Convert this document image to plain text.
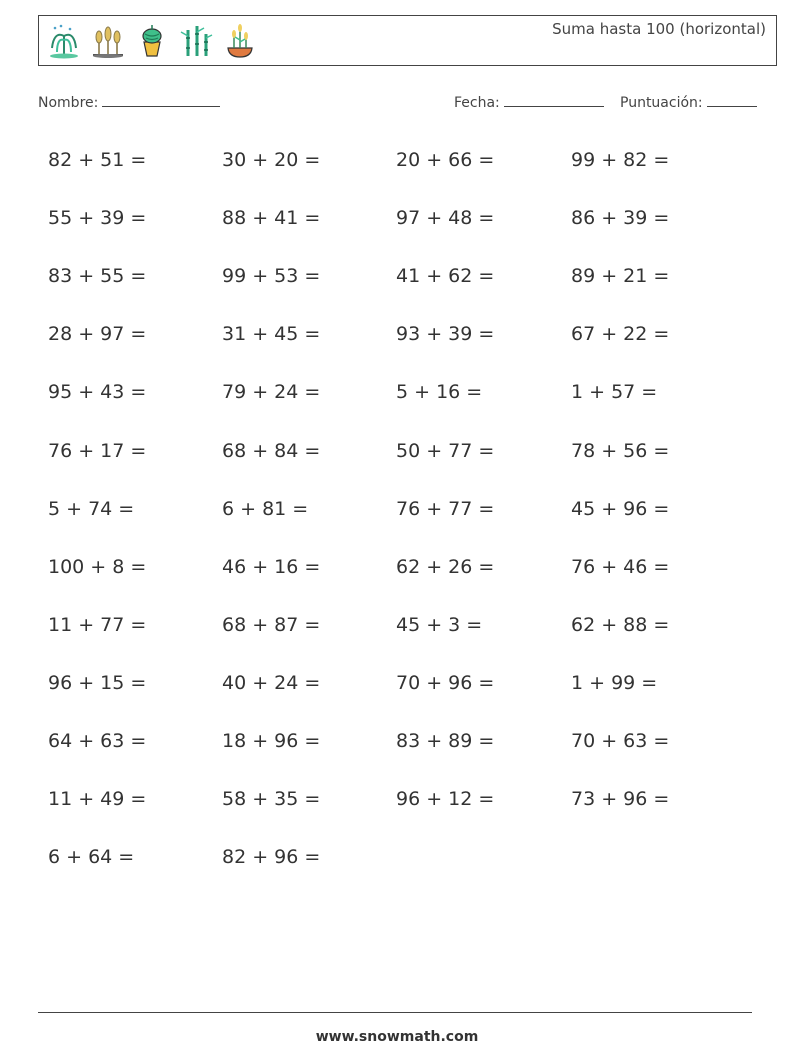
Suma hasta 100 (horizontal)
Nombre:	Fecha:	Puntuación:
82 + 51 =	30 + 20 =	20 + 66 =	99 + 82 =
55 + 39 =	88 + 41 =	97 + 48 =	86 + 39 =
83 + 55 =	99 + 53 =	41 + 62 =	89 + 21 =
28 + 97 =	31 + 45 =	93 + 39 =	67 + 22 =
95 + 43 =	79 + 24 =	5 + 16 =	1 + 57 =
76 + 17 =	68 + 84 =	50 + 77 =	78 + 56 =
5 + 74 =	6 + 81 =	76 + 77 =	45 + 96 =
100 + 8 =	46 + 16 =	62 + 26 =	76 + 46 =
11 + 77 =	68 + 87 =	45 + 3 =	62 + 88 =
96 + 15 =	40 + 24 =	70 + 96 =	1 + 99 =
64 + 63 =	18 + 96 =	83 + 89 =	70 + 63 =
11 + 49 =	58 + 35 =	96 + 12 =	73 + 96 =
6 + 64 =	82 + 96 =
www.snowmath.com
